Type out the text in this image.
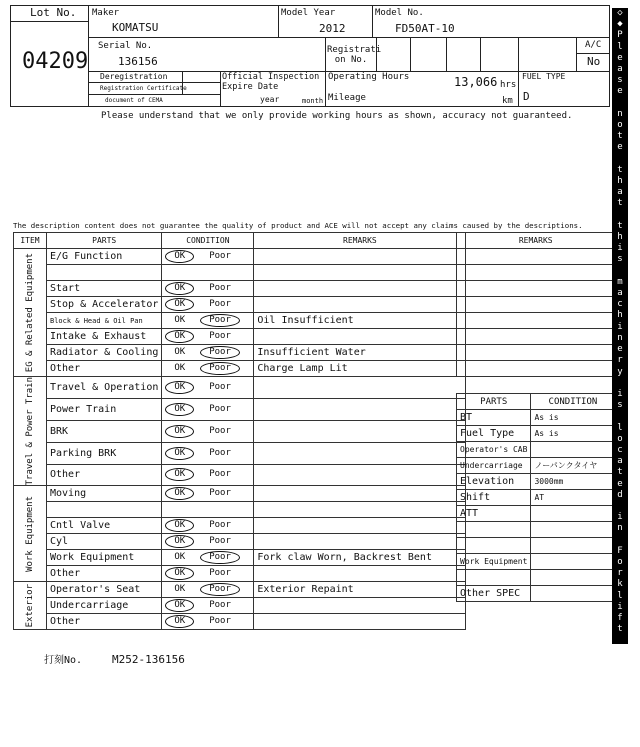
Lot No.
04209
Maker
KOMATSU
Model Year
2012
Model No.
FD50AT-10
Serial No.
136156
Registrati on No.
A/C
No
Deregistration
Registration Certificate
document of CEMA
Official Inspection Expire Date
year	month
Operating Hours	13,066 hrs
Mileage	km
FUEL TYPE
D
Please understand that we only provide working hours as shown, accuracy not guaranteed.
The description content does not guarantee the quality of product and ACE will not accept any claims caused by the descriptions.
ITEM	PARTS	CONDITION	REMARKS

EG & Related Equipment	E/G Function	OK Poor	

	Start	OK Poor	
	Stop & Accelerator	OK Poor	
	Block & Head & Oil Pan	OK Poor	Oil Insufficient
	Intake & Exhaust	OK Poor	
	Radiator & Cooling	OK Poor	Insufficient Water
	Other	OK Poor	Charge Lamp Lit

Travel & Power Train	Travel & Operation	OK Poor	
	Power Train	OK Poor	
	BRK	OK Poor	
	Parking BRK	OK Poor	
	Other	OK Poor	

Work Equipment	Moving	OK Poor	

	Cntl Valve	OK Poor	
	Cyl	OK Poor	
	Work Equipment	OK Poor	Fork claw Worn, Backrest Bent
	Other	OK Poor	

Exterior	Operator's Seat	OK Poor	Exterior Repaint
	Undercarriage	OK Poor	
	Other	OK Poor	
REMARKS	

PARTS	CONDITION
BT	As is
Fuel Type	As is
Operator's CAB	
Undercarriage	ノーパンクタイヤ
Elevation	3000mm
Shift	AT
ATT	

Work Equipment	

Other SPEC	
◇
◆
P
l
e
a
s
e

n
o
t
e

t
h
a
t

t
h
i
s

m
a
c
h
i
n
e
r
y

i
s

l
o
c
a
t
e
d

i
n

F
o
r
k
l
i
f
t

P
a
r
k
i
n
g
◆
◇
打刻No.	M252-136156
